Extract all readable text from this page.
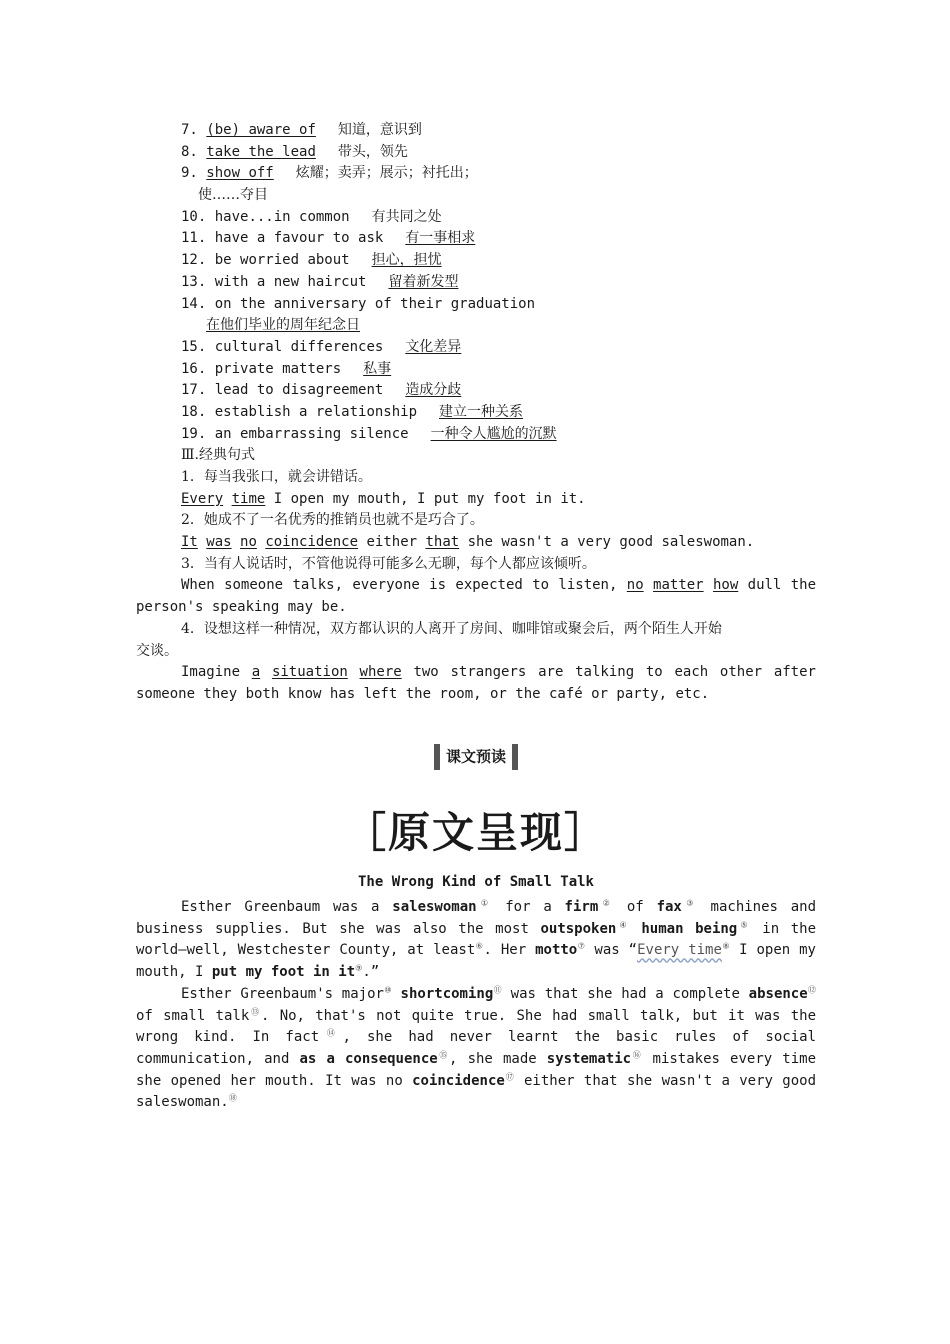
7. (be) aware of 知道，意识到
8. take the lead 带头，领先
9. show off 炫耀；卖弄；展示；衬托出；
使……夺目
10. have...in common 有共同之处
11. have a favour to ask 有一事相求
12. be worried about 担心，担忧
13. with a new haircut 留着新发型
14. on the anniversary of their graduation
在他们毕业的周年纪念日
15. cultural differences 文化差异
16. private matters 私事
17. lead to disagreement 造成分歧
18. establish a relationship 建立一种关系
19. an embarrassing silence 一种令人尴尬的沉默
Ⅲ.经典句式
1．每当我张口，就会讲错话。
Every time I open my mouth, I put my foot in it.
2．她成不了一名优秀的推销员也就不是巧合了。
It was no coincidence either that she wasn't a very good saleswoman.
3．当有人说话时，不管他说得可能多么无聊，每个人都应该倾听。
When someone talks, everyone is expected to listen, no matter how dull the
person's speaking may be.
4．设想这样一种情况，双方都认识的人离开了房间、咖啡馆或聚会后，两个陌生人开始
交谈。
Imagine a situation where two strangers are talking to each other after
someone they both know has left the room, or the café or party, etc.
课文预读
［原文呈现］
The Wrong Kind of Small Talk
Esther Greenbaum was a saleswoman① for a firm② of fax③ machines and business supplies. But she was also the most outspoken④ human being⑤ in the world—well, Westchester County, at least⑥. Her motto⑦ was “Every time⑧ I open my mouth, I put my foot in it⑨.”
Esther Greenbaum's major⑩ shortcoming⑪ was that she had a complete absence⑫ of small talk⑬. No, that's not quite true. She had small talk, but it was the wrong kind. In fact⑭, she had never learnt the basic rules of social communication, and as a consequence⑮, she made systematic⑯ mistakes every time she opened her mouth. It was no coincidence⑰ either that she wasn't a very good saleswoman.⑱
